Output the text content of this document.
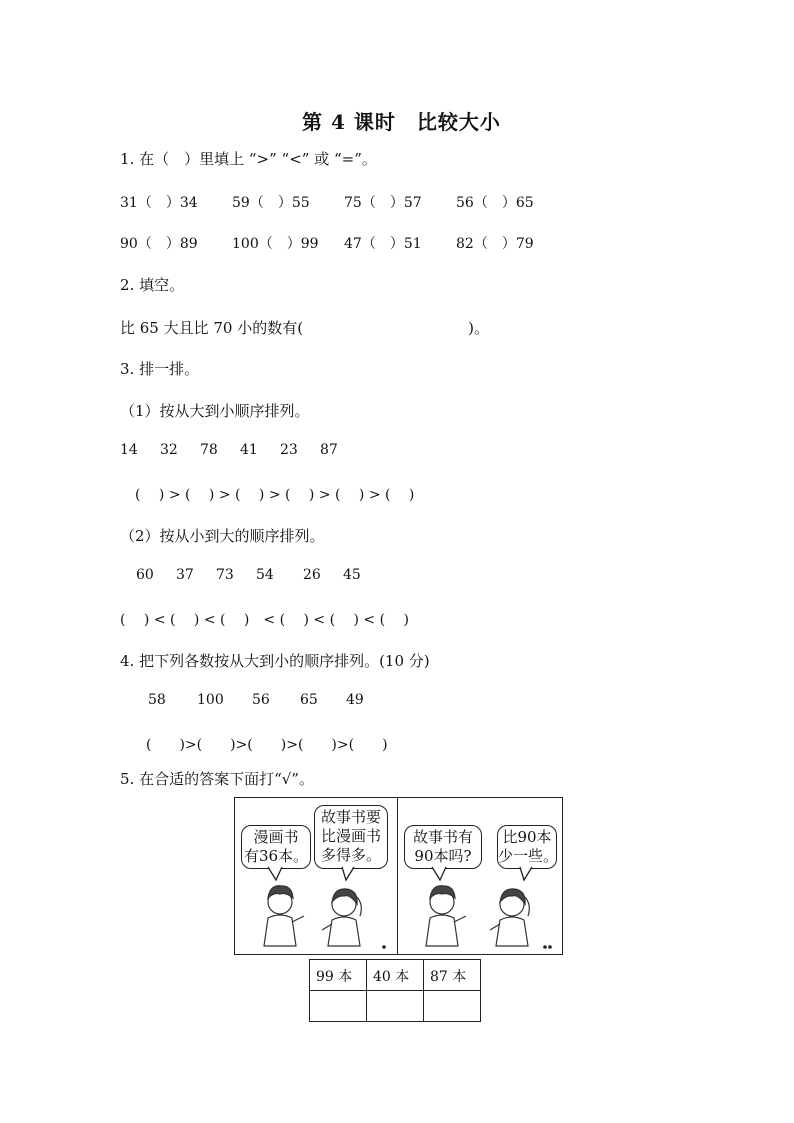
第 4 课时　比较大小
1. 在（　）里填上 “>” “<” 或 “=”。
31（　）34 59（　）55 75（　）57 56（　）65
90（　）89 100（　）99 47（　）51 82（　）79
2. 填空。
比 65 大且比 70 小的数有(　　　　　　　　　　　)。
3. 排一排。
（1）按从大到小顺序排列。
14 32 78 41 23 87
(　 ) > (　 ) > (　 ) > (　 ) > (　 ) > (　 )
（2）按从小到大的顺序排列。
60 37 73 54 26 45
(　 ) < (　 ) < (　 )　< (　 ) < (　 ) < (　 )
4. 把下列各数按从大到小的顺序排列。(10 分)
58 100 56 65 49
(　　)>(　　)>(　　)>(　　)>(　　)
5. 在合适的答案下面打“√”。
漫画书
有36本。
故事书要
比漫画书
多得多。
故事书有
90本吗?
比90本
少一些。
99 本	40 本	87 本
